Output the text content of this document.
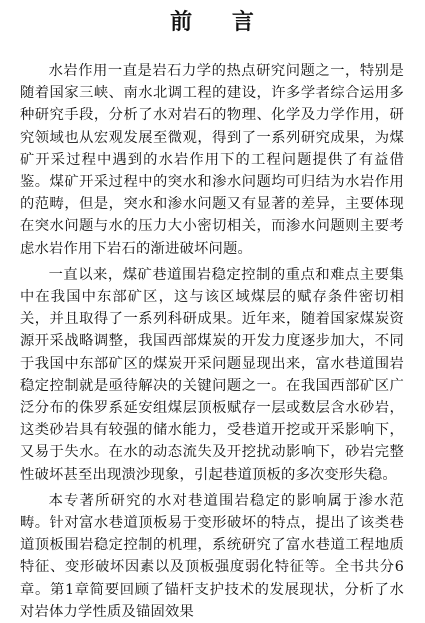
前 言

水岩作用一直是岩石力学的热点研究问题之一，特别是随着国家三峡、南水北调工程的建设，许多学者综合运用多种研究手段，分析了水对岩石的物理、化学及力学作用，研究领域也从宏观发展至微观，得到了一系列研究成果，为煤矿开采过程中遇到的水岩作用下的工程问题提供了有益借鉴。煤矿开采过程中的突水和渗水问题均可归结为水岩作用的范畴，但是，突水和渗水问题又有显著的差异，主要体现在突水问题与水的压力大小密切相关，而渗水问题则主要考虑水岩作用下岩石的渐进破坏问题。

一直以来，煤矿巷道围岩稳定控制的重点和难点主要集中在我国中东部矿区，这与该区域煤层的赋存条件密切相关，并且取得了一系列科研成果。近年来，随着国家煤炭资源开采战略调整，我国西部煤炭的开发力度逐步加大，不同于我国中东部矿区的煤炭开采问题显现出来，富水巷道围岩稳定控制就是亟待解决的关键问题之一。在我国西部矿区广泛分布的侏罗系延安组煤层顶板赋存一层或数层含水砂岩，这类砂岩具有较强的储水能力，受巷道开挖或开采影响下，又易于失水。在水的动态流失及开挖扰动影响下，砂岩完整性破坏甚至出现溃沙现象，引起巷道顶板的多次变形失稳。

本专著所研究的水对巷道围岩稳定的影响属于渗水范畴。针对富水巷道顶板易于变形破坏的特点，提出了该类巷道顶板围岩稳定控制的机理，系统研究了富水巷道工程地质特征、变形破坏因素以及顶板强度弱化特征等。全书共分6章。第1章简要回顾了锚杆支护技术的发展现状，分析了水对岩体力学性质及锚固效果
